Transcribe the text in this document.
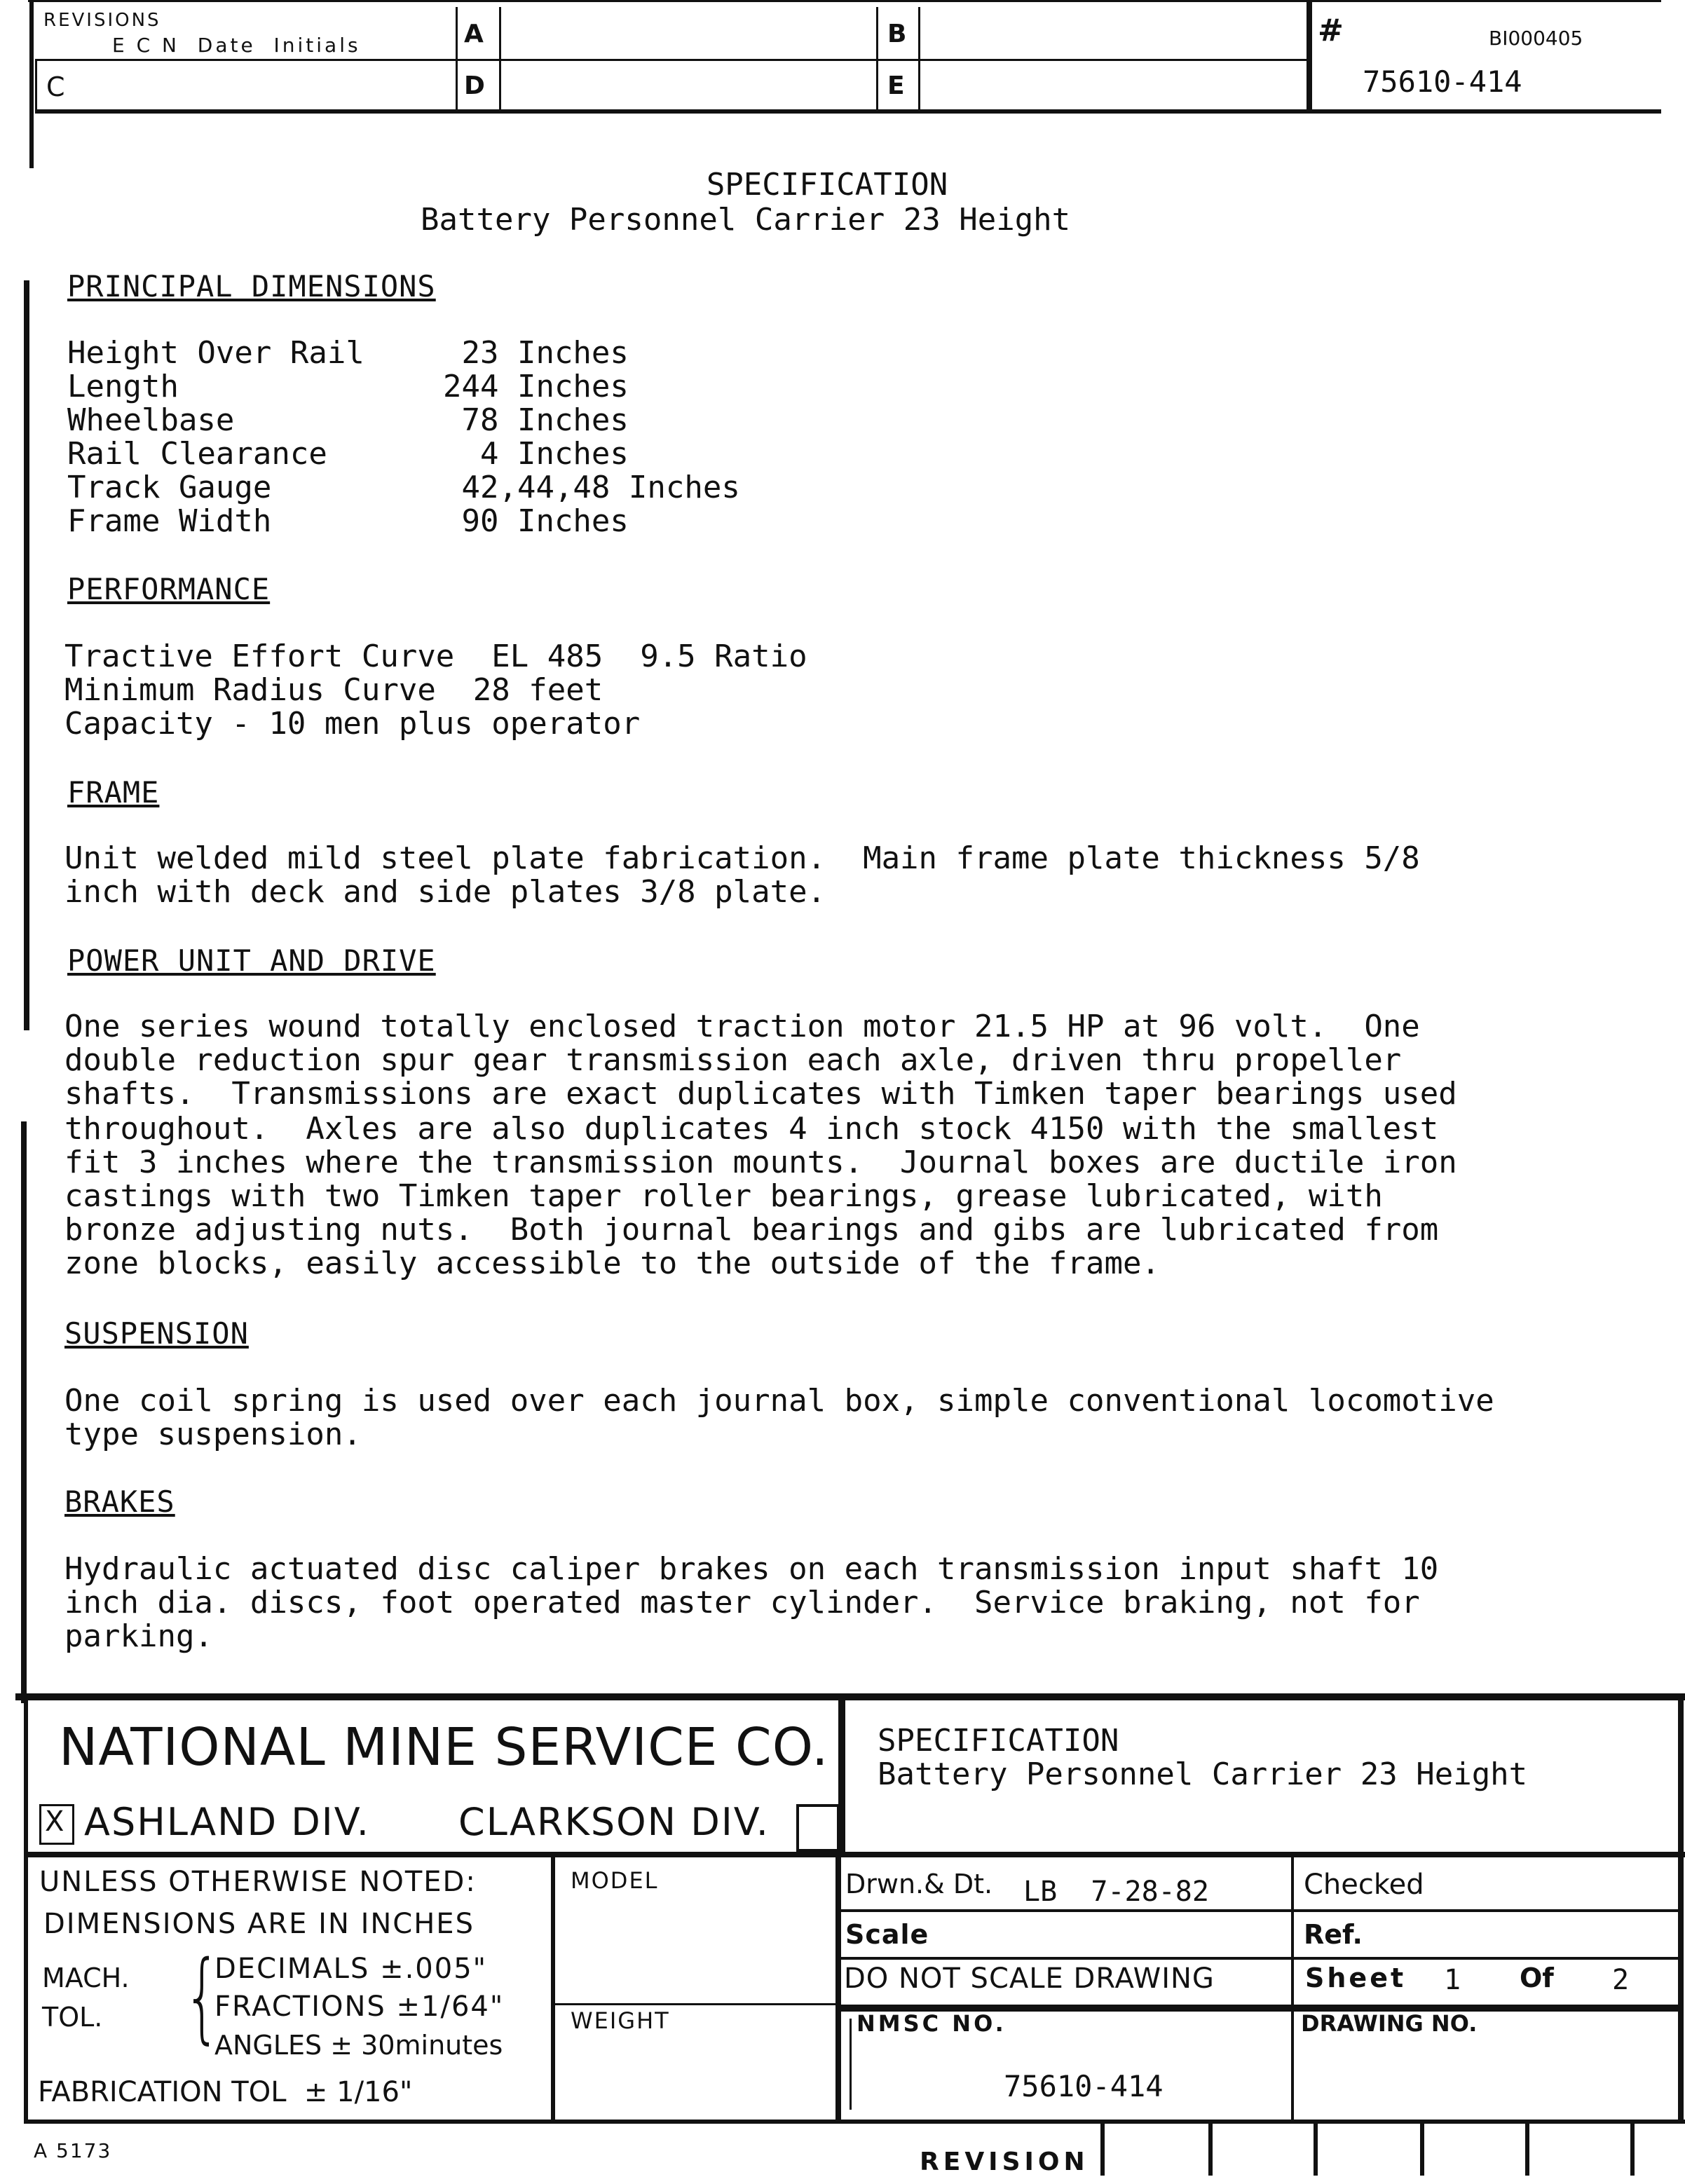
REVISIONS
E C N  Date  Initials	A	B
C	D	E
#	BI000405
75610-414
SPECIFICATION
Battery Personnel Carrier 23 Height
PRINCIPAL DIMENSIONS
Height Over Rail	23 Inches
Length	244 Inches
Wheelbase	78 Inches
Rail Clearance	4 Inches
Track Gauge	42,44,48 Inches
Frame Width	90 Inches
PERFORMANCE
Tractive Effort Curve  EL 485  9.5 Ratio
Minimum Radius Curve  28 feet
Capacity - 10 men plus operator
FRAME
Unit welded mild steel plate fabrication.  Main frame plate thickness 5/8
inch with deck and side plates 3/8 plate.
POWER UNIT AND DRIVE
One series wound totally enclosed traction motor 21.5 HP at 96 volt.  One
double reduction spur gear transmission each axle, driven thru propeller
shafts.  Transmissions are exact duplicates with Timken taper bearings used
throughout.  Axles are also duplicates 4 inch stock 4150 with the smallest
fit 3 inches where the transmission mounts.  Journal boxes are ductile iron
castings with two Timken taper roller bearings, grease lubricated, with
bronze adjusting nuts.  Both journal bearings and gibs are lubricated from
zone blocks, easily accessible to the outside of the frame.
SUSPENSION
One coil spring is used over each journal box, simple conventional locomotive
type suspension.
BRAKES
Hydraulic actuated disc caliper brakes on each transmission input shaft 10
inch dia. discs, foot operated master cylinder.  Service braking, not for
parking.
NATIONAL MINE SERVICE CO.
X ASHLAND DIV. CLARKSON DIV.
SPECIFICATION
Battery Personnel Carrier 23 Height
UNLESS OTHERWISE NOTED:
DIMENSIONS ARE IN INCHES
MACH.
TOL. {
DECIMALS ±.005"
FRACTIONS ±1/64"
ANGLES ± 30minutes
FABRICATION TOL  ± 1/16"
MODEL
WEIGHT
Drwn.& Dt. LB  7-28-82	Checked
Scale	Ref.
DO NOT SCALE DRAWING	Sheet 1 Of 2
NMSC NO.
75610-414
DRAWING NO.
A 5173	REVISION
